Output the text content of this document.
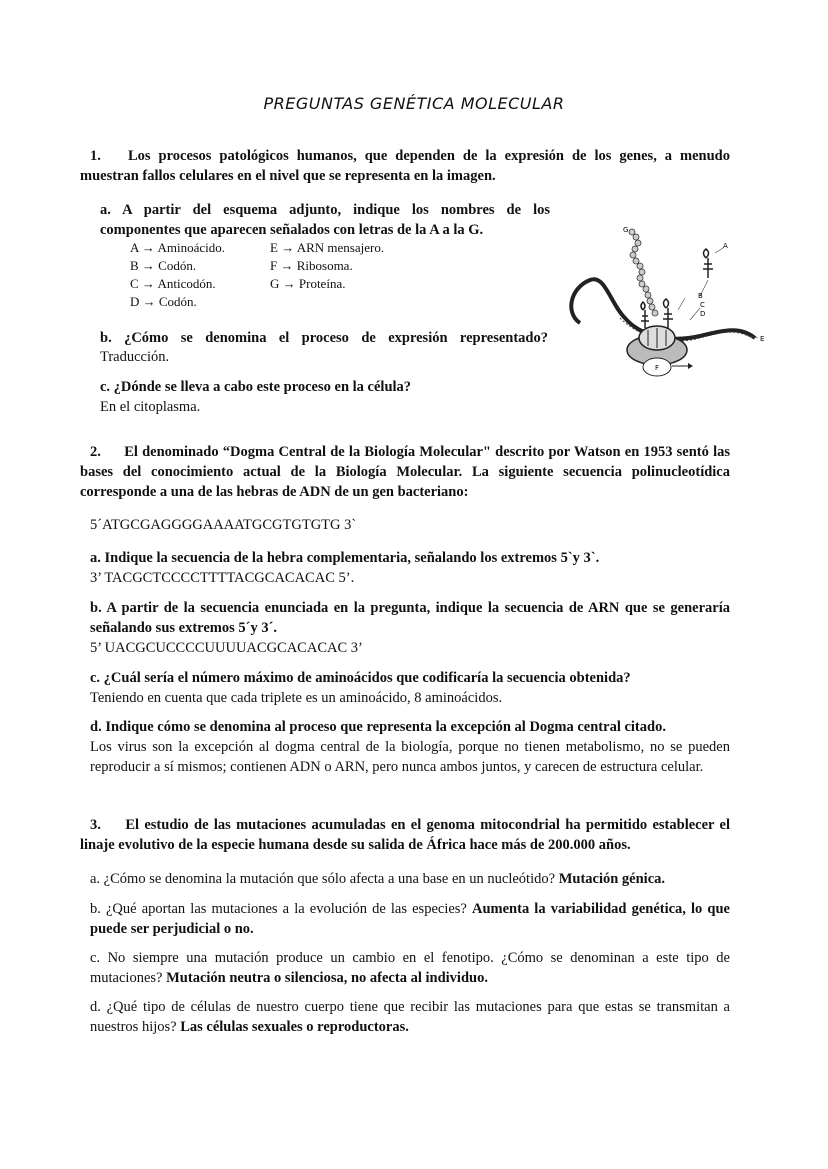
PREGUNTAS GENÉTICA MOLECULAR
1. Los procesos patológicos humanos, que dependen de la expresión de los genes, a menudo muestran fallos celulares en el nivel que se representa en la imagen.
a. A partir del esquema adjunto, indique los nombres de los
componentes que aparecen señalados con letras de la A a la G.
A → Aminoácido.
B → Codón.
C → Anticodón.
D → Codón.
E → ARN mensajero.
F → Ribosoma.
G → Proteína.
b. ¿Cómo se denomina el proceso de expresión representado?
Traducción.
c. ¿Dónde se lleva a cabo este proceso en la célula?
En el citoplasma.
F
G
A
B
C
D
E
2. El denominado “Dogma Central de la Biología Molecular" descrito por Watson en 1953 sentó las bases del conocimiento actual de la Biología Molecular. La siguiente secuencia polinucleotídica corresponde a una de las hebras de ADN de un gen bacteriano:
5´ATGCGAGGGGAAAATGCGTGTGTG 3`
a. Indique la secuencia de la hebra complementaria, señalando los extremos 5`y 3`.
3’ TACGCTCCCCTTTTACGCACACAC 5’.
b. A partir de la secuencia enunciada en la pregunta, indique la secuencia de ARN que se generaría señalando sus extremos 5´y 3´.
5’ UACGCUCCCCUUUUACGCACACAC 3’
c. ¿Cuál sería el número máximo de aminoácidos que codificaría la secuencia obtenida?
Teniendo en cuenta que cada triplete es un aminoácido, 8 aminoácidos.
d. Indique cómo se denomina al proceso que representa la excepción al Dogma central citado.
Los virus son la excepción al dogma central de la biología, porque no tienen metabolismo, no se pueden reproducir a sí mismos; contienen ADN o ARN, pero nunca ambos juntos, y carecen de estructura celular.
3. El estudio de las mutaciones acumuladas en el genoma mitocondrial ha permitido establecer el linaje evolutivo de la especie humana desde su salida de África hace más de 200.000 años.
a. ¿Cómo se denomina la mutación que sólo afecta a una base en un nucleótido? Mutación génica.
b. ¿Qué aportan las mutaciones a la evolución de las especies? Aumenta la variabilidad genética, lo que puede ser perjudicial o no.
c. No siempre una mutación produce un cambio en el fenotipo. ¿Cómo se denominan a este tipo de mutaciones? Mutación neutra o silenciosa, no afecta al individuo.
d. ¿Qué tipo de células de nuestro cuerpo tiene que recibir las mutaciones para que estas se transmitan a nuestros hijos? Las células sexuales o reproductoras.
